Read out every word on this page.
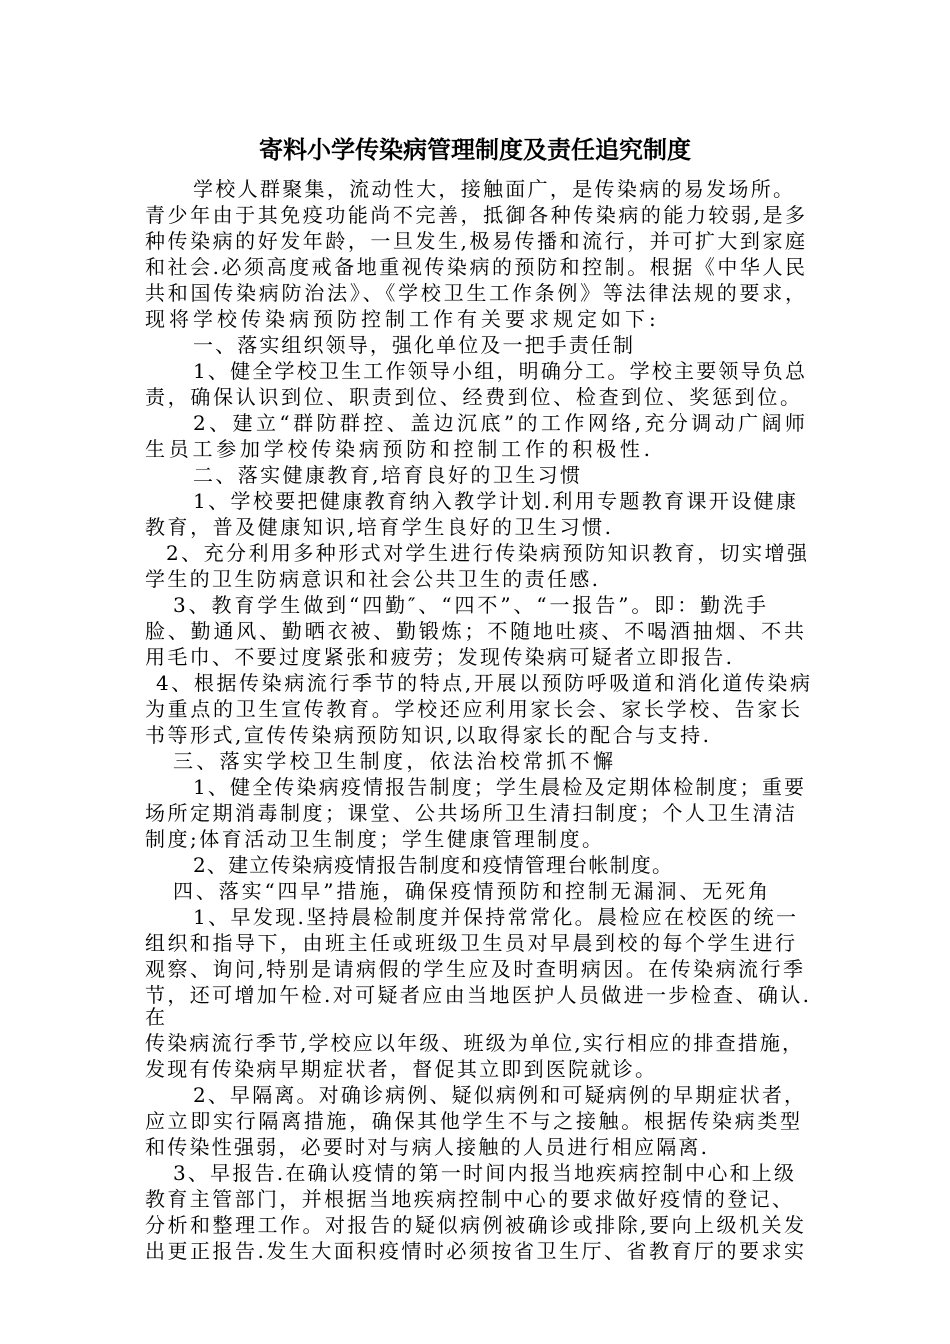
寄料小学传染病管理制度及责任追究制度
学校人群聚集，流动性大，接触面广，是传染病的易发场所。
青少年由于其免疫功能尚不完善，抵御各种传染病的能力较弱,是多
种传染病的好发年龄，一旦发生,极易传播和流行，并可扩大到家庭
和社会.必须高度戒备地重视传染病的预防和控制。根据《中华人民
共和国传染病防治法》、《学校卫生工作条例》等法律法规的要求，
现将学校传染病预防控制工作有关要求规定如下:
一、落实组织领导，强化单位及一把手责任制
1、健全学校卫生工作领导小组，明确分工。学校主要领导负总
责，确保认识到位、职责到位、经费到位、检查到位、奖惩到位。
2、建立“群防群控、盖边沉底”的工作网络,充分调动广阔师
生员工参加学校传染病预防和控制工作的积极性.
二、落实健康教育,培育良好的卫生习惯
1、学校要把健康教育纳入教学计划.利用专题教育课开设健康
教育，普及健康知识,培育学生良好的卫生习惯.
2、充分利用多种形式对学生进行传染病预防知识教育，切实增强
学生的卫生防病意识和社会公共卫生的责任感.
3、教育学生做到“四勤″、“四不”、“一报告”。即：勤洗手
脸、勤通风、勤晒衣被、勤锻炼；不随地吐痰、不喝酒抽烟、不共
用毛巾、不要过度紧张和疲劳；发现传染病可疑者立即报告.
4、根据传染病流行季节的特点,开展以预防呼吸道和消化道传染病
为重点的卫生宣传教育。学校还应利用家长会、家长学校、告家长
书等形式,宣传传染病预防知识,以取得家长的配合与支持.
三、落实学校卫生制度，依法治校常抓不懈
1、健全传染病疫情报告制度；学生晨检及定期体检制度；重要
场所定期消毒制度；课堂、公共场所卫生清扫制度；个人卫生清洁
制度;体育活动卫生制度；学生健康管理制度。
2、建立传染病疫情报告制度和疫情管理台帐制度。
四、落实“四早”措施，确保疫情预防和控制无漏洞、无死角
1、早发现.坚持晨检制度并保持常常化。晨检应在校医的统一
组织和指导下，由班主任或班级卫生员对早晨到校的每个学生进行
观察、询问,特别是请病假的学生应及时查明病因。在传染病流行季
节，还可增加午检.对可疑者应由当地医护人员做进一步检查、确认.
在
传染病流行季节,学校应以年级、班级为单位,实行相应的排查措施，
发现有传染病早期症状者，督促其立即到医院就诊。
2、早隔离。对确诊病例、疑似病例和可疑病例的早期症状者，
应立即实行隔离措施，确保其他学生不与之接触。根据传染病类型
和传染性强弱，必要时对与病人接触的人员进行相应隔离.
3、早报告.在确认疫情的第一时间内报当地疾病控制中心和上级
教育主管部门，并根据当地疾病控制中心的要求做好疫情的登记、
分析和整理工作。对报告的疑似病例被确诊或排除,要向上级机关发
出更正报告.发生大面积疫情时必须按省卫生厅、省教育厅的要求实
